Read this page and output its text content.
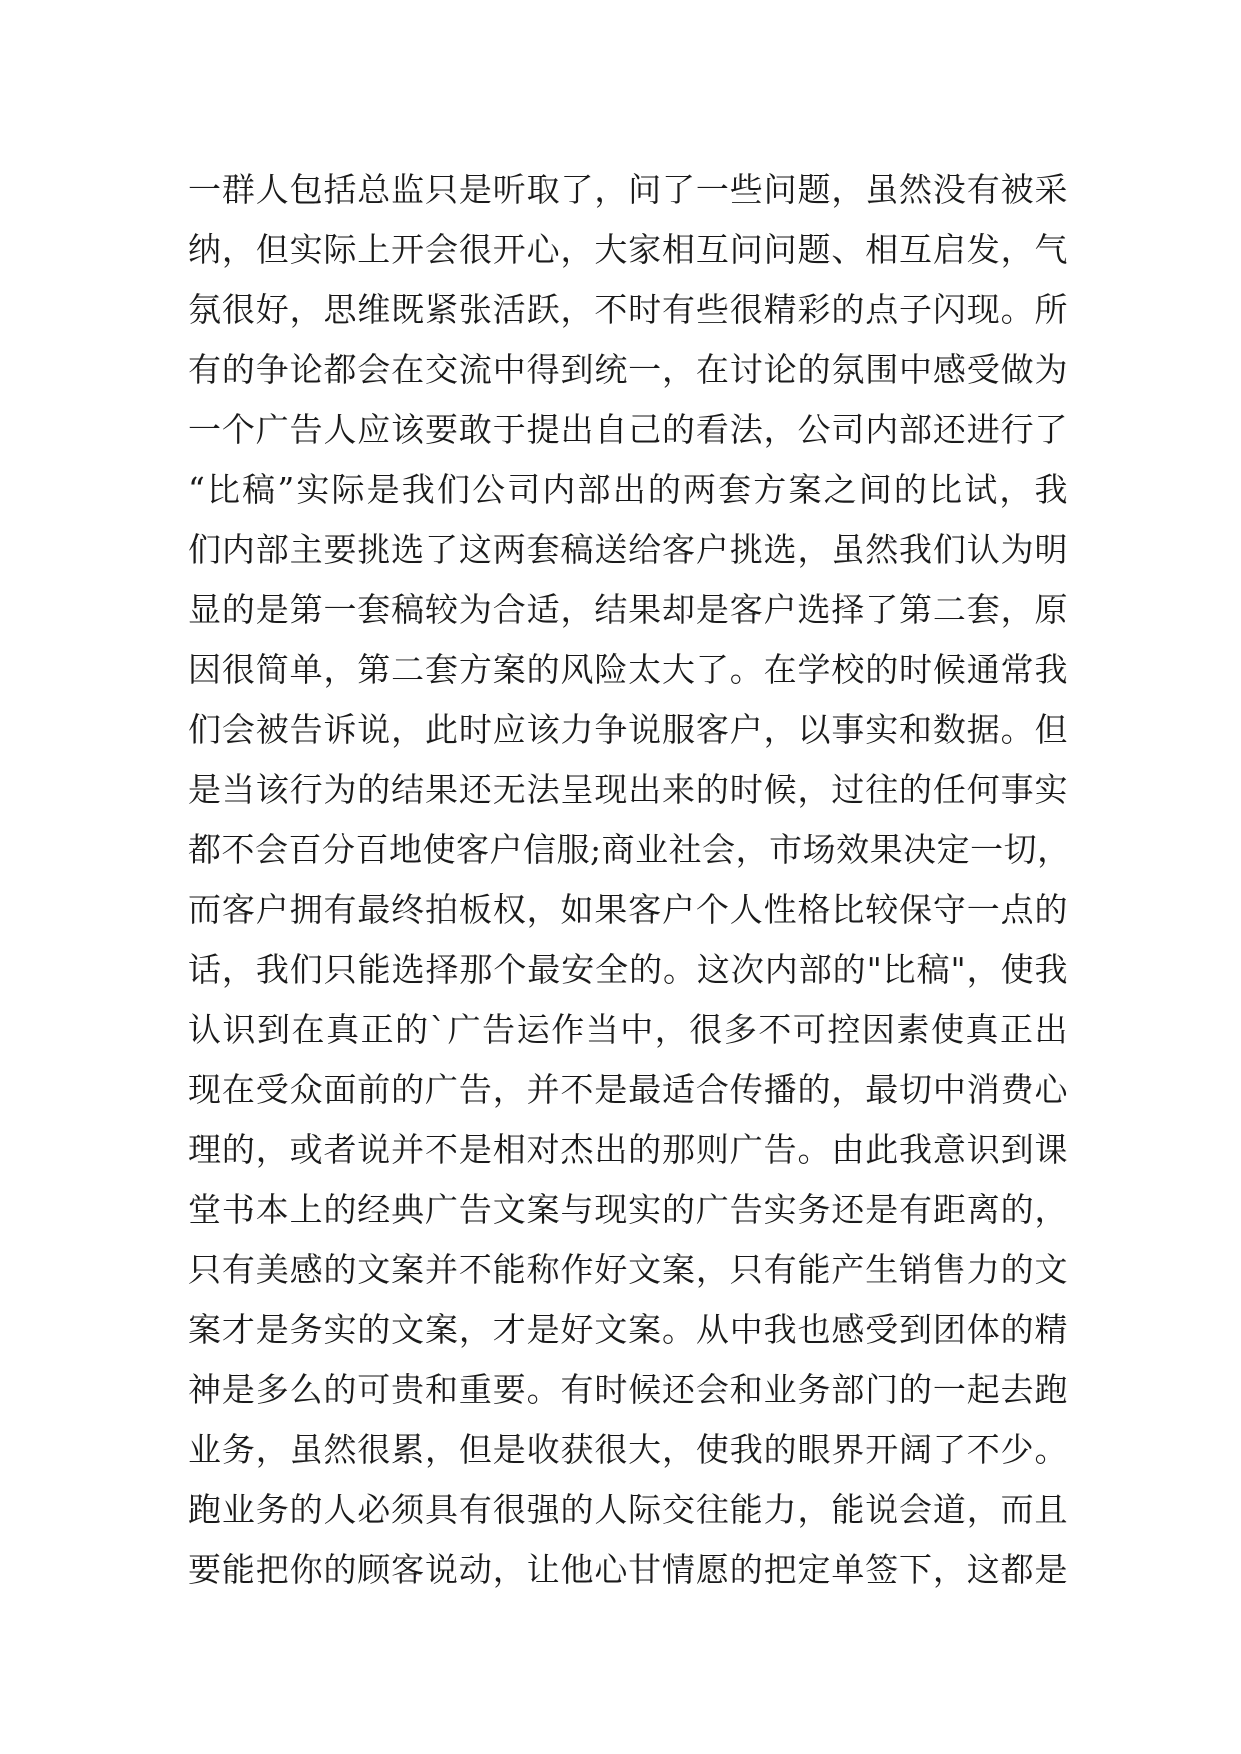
一群人包括总监只是听取了，问了一些问题，虽然没有被采
纳，但实际上开会很开心，大家相互问问题、相互启发，气
氛很好，思维既紧张活跃，不时有些很精彩的点子闪现。所
有的争论都会在交流中得到统一，在讨论的氛围中感受做为
一个广告人应该要敢于提出自己的看法，公司内部还进行了
“比稿”实际是我们公司内部出的两套方案之间的比试，我
们内部主要挑选了这两套稿送给客户挑选，虽然我们认为明
显的是第一套稿较为合适，结果却是客户选择了第二套，原
因很简单，第二套方案的风险太大了。在学校的时候通常我
们会被告诉说，此时应该力争说服客户，以事实和数据。但
是当该行为的结果还无法呈现出来的时候，过往的任何事实
都不会百分百地使客户信服;商业社会，市场效果决定一切，
而客户拥有最终拍板权，如果客户个人性格比较保守一点的
话，我们只能选择那个最安全的。这次内部的"比稿"，使我
认识到在真正的`广告运作当中，很多不可控因素使真正出
现在受众面前的广告，并不是最适合传播的，最切中消费心
理的，或者说并不是相对杰出的那则广告。由此我意识到课
堂书本上的经典广告文案与现实的广告实务还是有距离的，
只有美感的文案并不能称作好文案，只有能产生销售力的文
案才是务实的文案，才是好文案。从中我也感受到团体的精
神是多么的可贵和重要。有时候还会和业务部门的一起去跑
业务，虽然很累，但是收获很大，使我的眼界开阔了不少。
跑业务的人必须具有很强的人际交往能力，能说会道，而且
要能把你的顾客说动，让他心甘情愿的把定单签下，这都是
